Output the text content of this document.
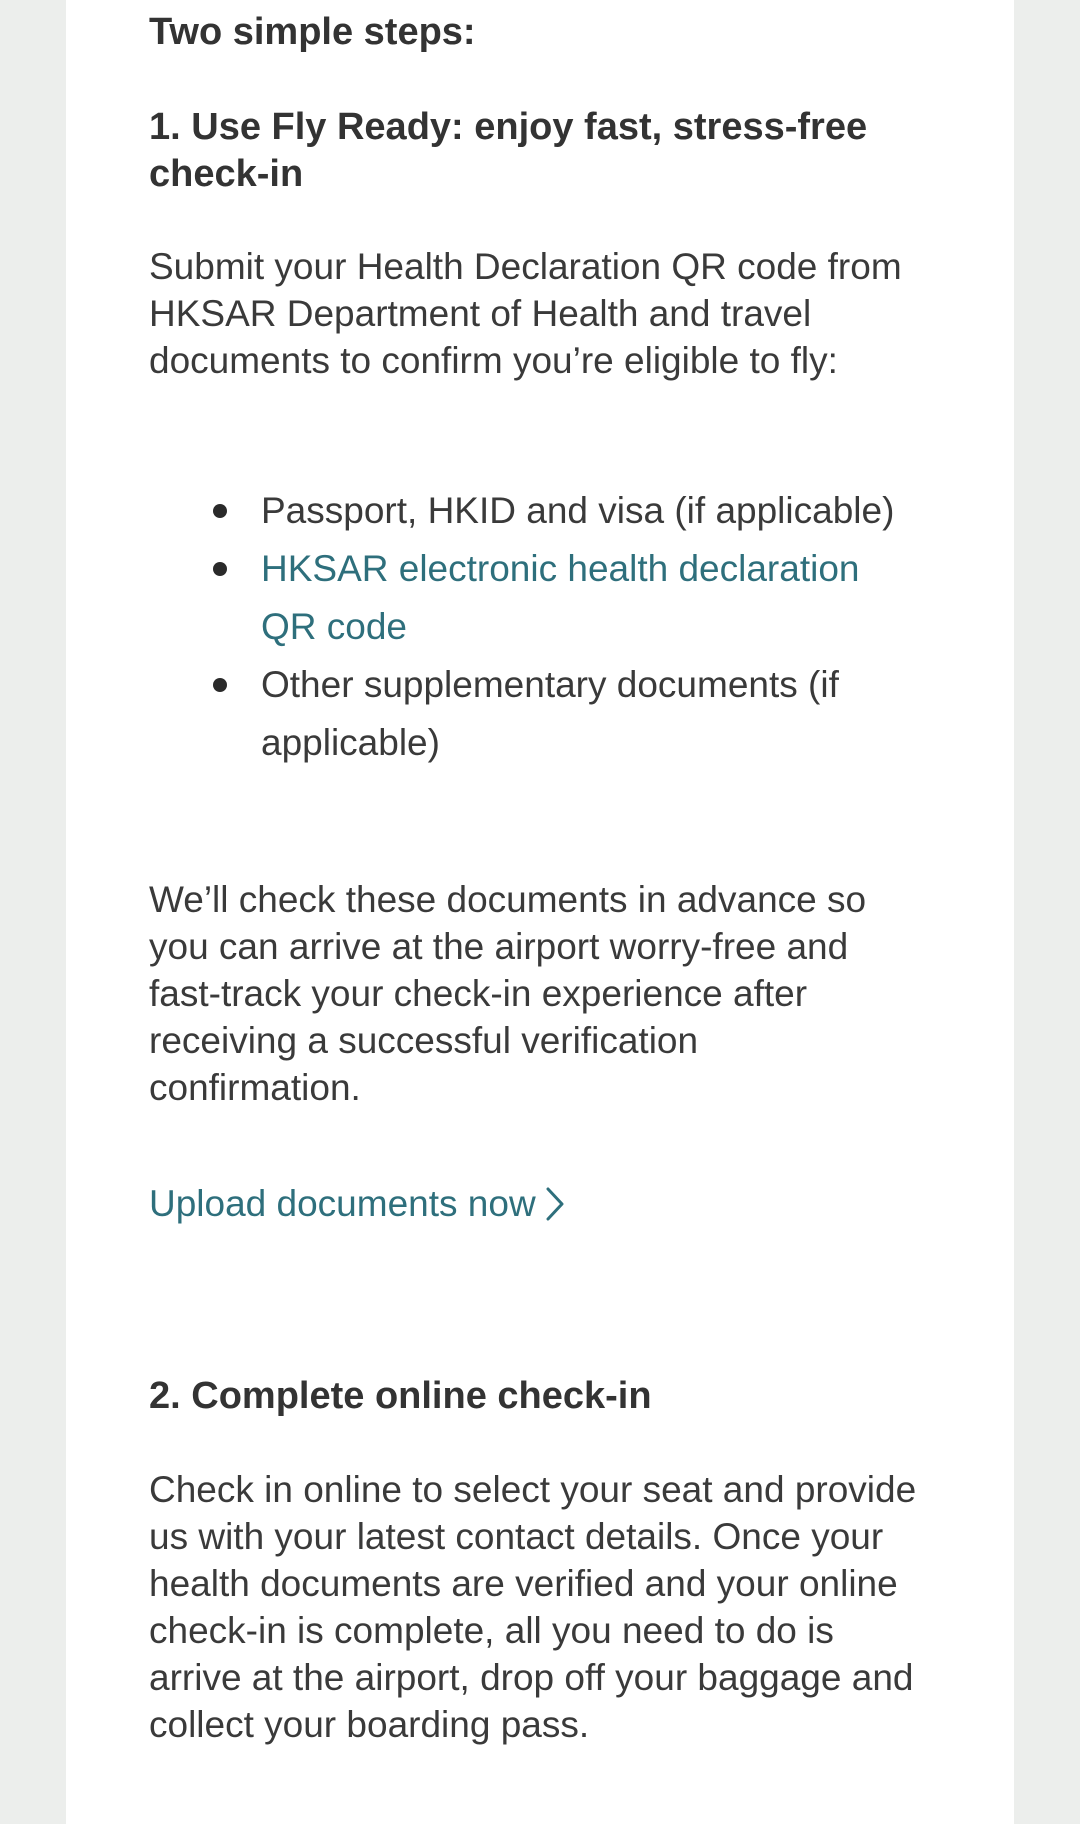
Two simple steps:
1. Use Fly Ready: enjoy fast, stress-free check-in

Submit your Health Declaration QR code from HKSAR Department of Health and travel documents to confirm you’re eligible to fly:

Passport, HKID and visa (if applicable)
HKSAR electronic health declaration QR code
Other supplementary documents (if applicable)

We’ll check these documents in advance so you can arrive at the airport worry-free and fast-track your check-in experience after receiving a successful verification confirmation.

Upload documents now
2. Complete online check-in

Check in online to select your seat and provide us with your latest contact details. Once your health documents are verified and your online check-in is complete, all you need to do is arrive at the airport, drop off your baggage and collect your boarding pass.
